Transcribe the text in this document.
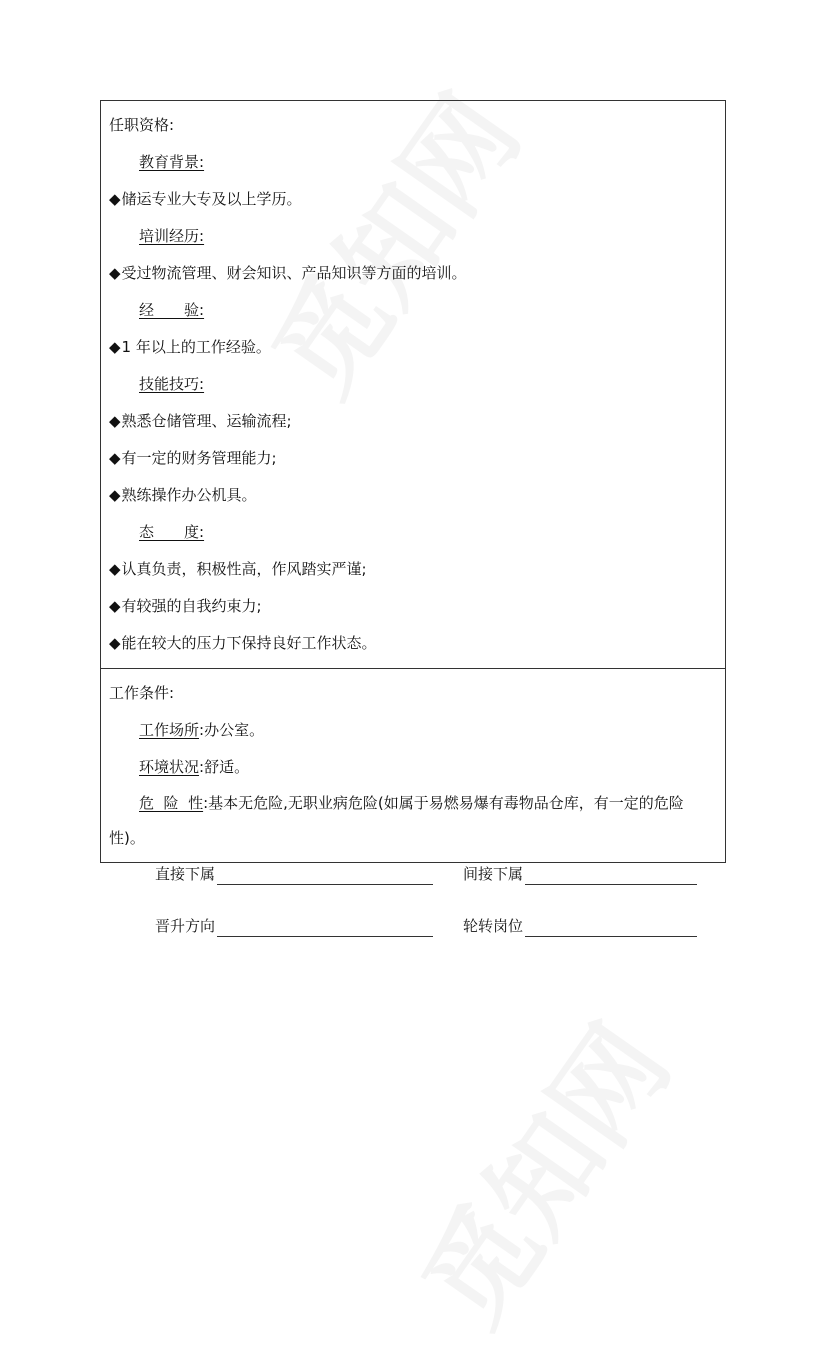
任职资格:
教育背景:
◆储运专业大专及以上学历。
培训经历:
◆受过物流管理、财会知识、产品知识等方面的培训。
经　　验:
◆1 年以上的工作经验。
技能技巧:
◆熟悉仓储管理、运输流程;
◆有一定的财务管理能力;
◆熟练操作办公机具。
态　　度:
◆认真负责，积极性高，作风踏实严谨;
◆有较强的自我约束力;
◆能在较大的压力下保持良好工作状态。
工作条件:
工作场所:办公室。
环境状况:舒适。
危  险  性:基本无危险,无职业病危险(如属于易燃易爆有毒物品仓库，有一定的危险性)。
直接下属	间接下属
晋升方向	轮转岗位
